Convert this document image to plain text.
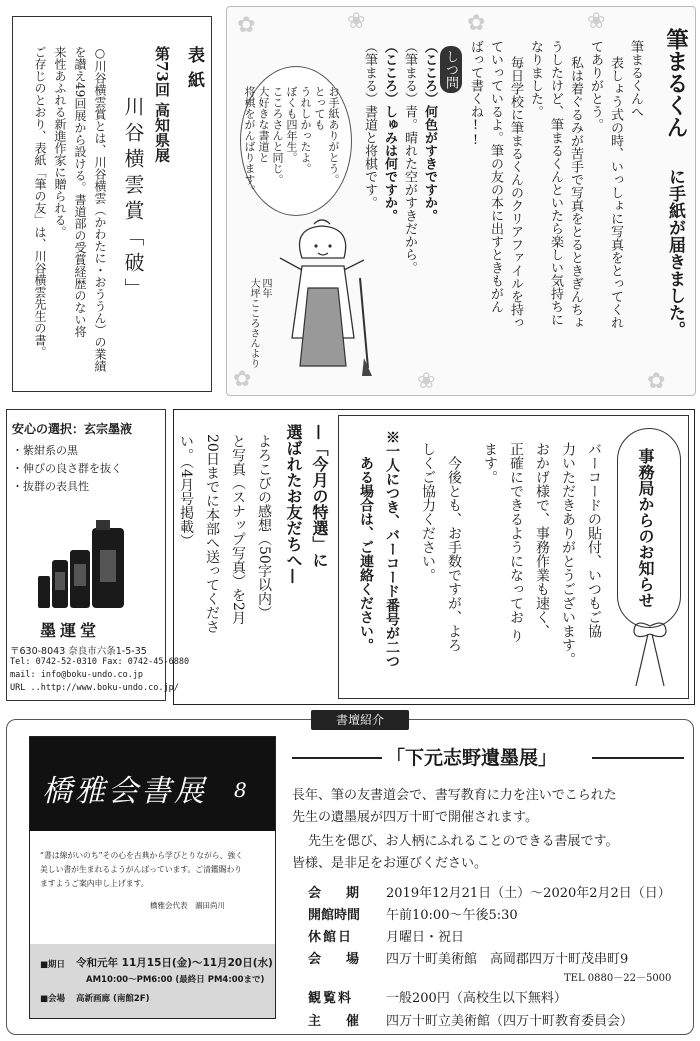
表紙
第73回 高知県展
川谷横雲賞「破」
○川谷横雲賞とは、川谷横雲（かわたに・おううん）の業績
を讃え49回展から設ける。書道部の受賞経歴のない将
来性あふれる新進作家に贈られる。
ご存じのとおり、表紙「筆の友」は、川谷横雲先生の書。
✿	❀	✿	❀
✿	❀	✿
筆まるくん
に手紙が届きました。
筆まるくんへ
表しょう式の時、いっしょに写真をとってくれ
てありがとう。
私は着ぐるみが苦手で写真をとるときぎんちょ
うしたけど、筆まるくんといたら楽しい気持ちに
なりました。
毎日学校に筆まるくんのクリアファイルを持っ
ていっているよ。筆の友の本に出すときもがん
ばって書くね!!
しつ問
（こころ）何色がすきですか。
（筆まる）青。晴れた空がすきだから。
（こころ）しゅみは何ですか。
（筆まる）書道と将棋です。
お手紙ありがとう。
とっても
うれしかったよ。
ぼくも四年生。
こころさんと同じ。
大好きな書道と
将棋をがんばります。
四年
大坪こころさんより
事務局からのお知らせ
バーコードの貼付、いつもご協
力いただきありがとうございます。
おかげ様で、事務作業も速く、
正確にできるようになってお り
ます。
今後とも、お手数ですが、よろ
しくご協力ください。
※一人につき、バーコード番号が二つ
ある場合は、ご連絡ください。
—「今月の特選」に
選ばれたお友だちへ—
よろこびの感想（50字以内）
と写真（スナップ写真）を2月
20日までに本部へ送ってくださ
い。（4月号掲載）
安心の選択：玄宗墨液
・紫紺系の黒
・伸びの良さ群を抜く
・抜群の表具性
墨運堂
〒630-8043 奈良市六条1-5-35
Tel: 0742-52-0310 Fax: 0742-45-6880
mail: info@boku-undo.co.jp
URL ..http://www.boku-undo.co.jp/
書壇紹介
橋雅会書展 8
“書は線がいのち”その心を古典から学びとりながら、強く
美しい書が生まれるようがんばっています。ご清鑑賜わり
ますようご案内申し上げます。
橋雅会代表　濵田尚川
■期日 令和元年 11月15日(金)～11月20日(水)
AM10:00～PM6:00 (最終日 PM4:00まで)
■会場 高新画廊 (南館2F)
「下元志野遺墨展」
長年、筆の友書道会で、書写教育に力を注いでこられた
先生の遺墨展が四万十町で開催されます。
先生を偲び、お人柄にふれることのできる書展です。
皆様、是非足をお運びください。
会　期	2019年12月21日（土）～2020年2月2日（日）
開館時間	午前10:00～午後5:30
休館日	月曜日・祝日
会　場	四万十町美術館　高岡郡四万十町茂串町9
TEL 0880－22－5000
観覧料	一般200円（高校生以下無料）
主　催	四万十町立美術館（四万十町教育委員会）
